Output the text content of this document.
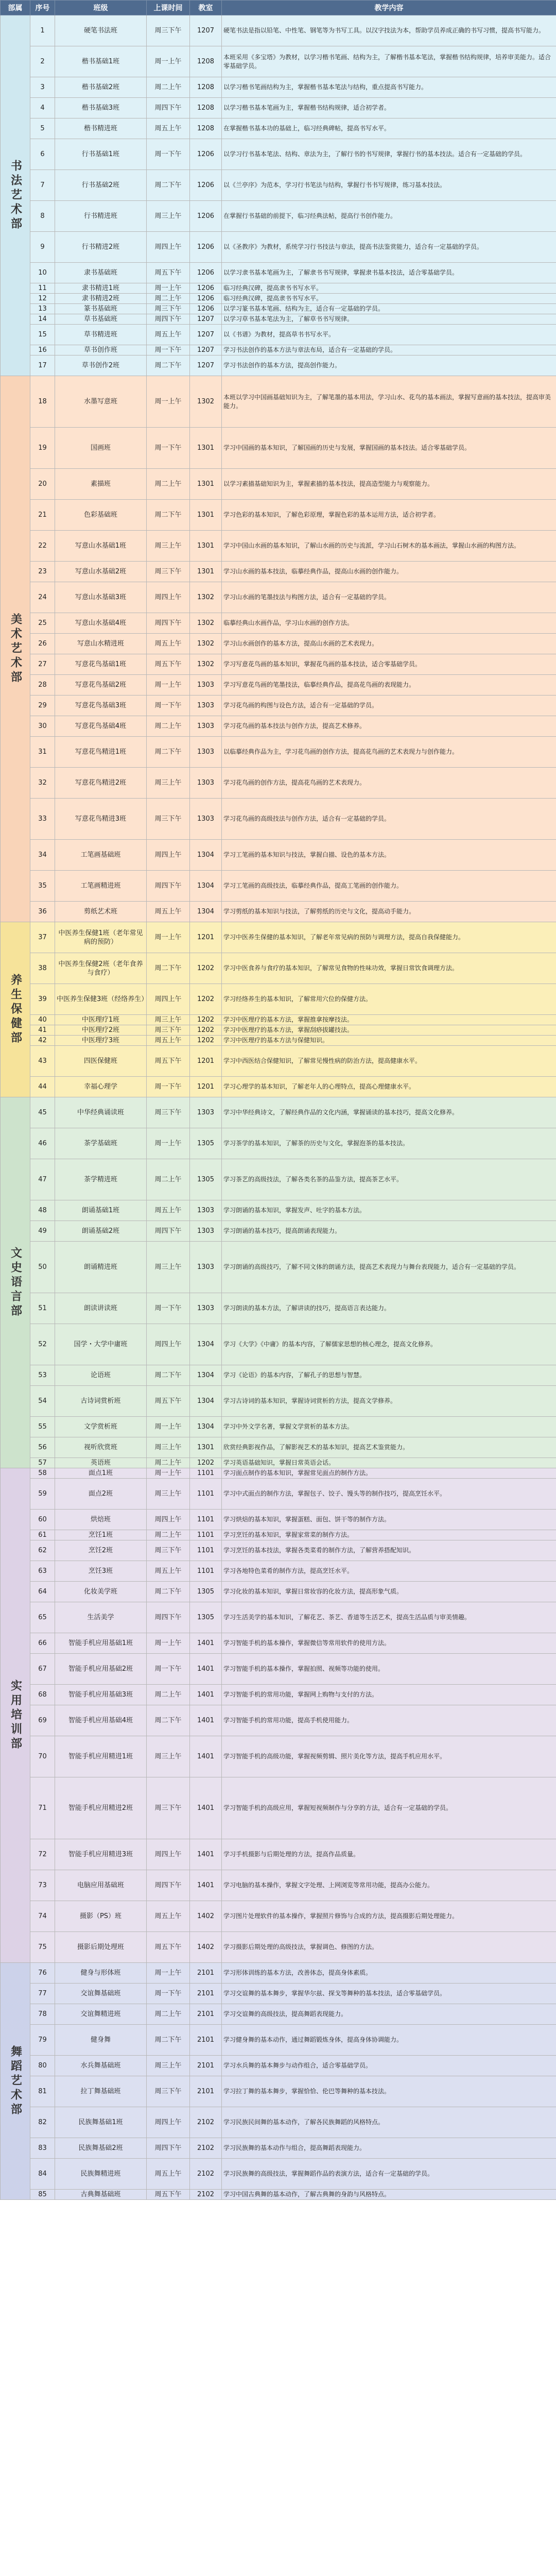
部属	序号	班级	上课时间	教室	教学内容

书法艺术部	1	硬笔书法班	周三下午	1207	硬笔书法是指以铅笔、中性笔、钢笔等为书写工具。以汉字技法为本，帮助学员养成正确的书写习惯，提高书写能力。
	2	楷书基础1班	周一上午	1208	本班采用《多宝塔》为教材，以学习楷书笔画、结构为主，了解楷书基本笔法，掌握楷书结构规律，培养审美能力。适合零基础学员。
	3	楷书基础2班	周二上午	1208	以学习楷书笔画结构为主，掌握楷书基本笔法与结构，重点提高书写能力。
	4	楷书基础3班	周四下午	1208	以学习楷书基本笔画为主，掌握楷书结构规律，适合初学者。
	5	楷书精进班	周五上午	1208	在掌握楷书基本功的基础上，临习经典碑帖，提高书写水平。
	6	行书基础1班	周一下午	1206	以学习行书基本笔法、结构、章法为主，了解行书的书写规律，掌握行书的基本技法。适合有一定基础的学员。
	7	行书基础2班	周二下午	1206	以《兰亭序》为范本，学习行书笔法与结构，掌握行书书写规律，练习基本技法。
	8	行书精进班	周三上午	1206	在掌握行书基础的前提下，临习经典法帖，提高行书创作能力。
	9	行书精进2班	周四上午	1206	以《圣教序》为教材，系统学习行书技法与章法，提高书法鉴赏能力，适合有一定基础的学员。
	10	隶书基础班	周五下午	1206	以学习隶书基本笔画为主，了解隶书书写规律，掌握隶书基本技法，适合零基础学员。
	11	隶书精进1班	周一上午	1206	临习经典汉碑，提高隶书书写水平。
	12	隶书精进2班	周二上午	1206	临习经典汉碑，提高隶书书写水平。
	13	篆书基础班	周三下午	1206	以学习篆书基本笔画、结构为主，适合有一定基础的学员。
	14	草书基础班	周四下午	1207	以学习草书基本笔法为主，了解草书书写规律。
	15	草书精进班	周五上午	1207	以《书谱》为教材，提高草书书写水平。
	16	草书创作班	周一下午	1207	学习书法创作的基本方法与章法布局，适合有一定基础的学员。
	17	草书创作2班	周二下午	1207	学习书法创作的基本方法，提高创作能力。

美术艺术部	18	水墨写意班	周一上午	1302	本班以学习中国画基础知识为主，了解笔墨的基本用法，学习山水、花鸟的基本画法，掌握写意画的基本技法，提高审美能力。
	19	国画班	周一下午	1301	学习中国画的基本知识，了解国画的历史与发展，掌握国画的基本技法。适合零基础学员。
	20	素描班	周二上午	1301	以学习素描基础知识为主，掌握素描的基本技法，提高造型能力与观察能力。
	21	色彩基础班	周二下午	1301	学习色彩的基本知识，了解色彩原理，掌握色彩的基本运用方法，适合初学者。
	22	写意山水基础1班	周三上午	1301	学习中国山水画的基本知识，了解山水画的历史与流派，学习山石树木的基本画法，掌握山水画的构图方法。
	23	写意山水基础2班	周三下午	1301	学习山水画的基本技法，临摹经典作品，提高山水画的创作能力。
	24	写意山水基础3班	周四上午	1302	学习山水画的笔墨技法与构图方法，适合有一定基础的学员。
	25	写意山水基础4班	周四下午	1302	临摹经典山水画作品，学习山水画的创作方法。
	26	写意山水精进班	周五上午	1302	学习山水画创作的基本方法，提高山水画的艺术表现力。
	27	写意花鸟基础1班	周五下午	1302	学习写意花鸟画的基本知识，掌握花鸟画的基本技法，适合零基础学员。
	28	写意花鸟基础2班	周一上午	1303	学习写意花鸟画的笔墨技法，临摹经典作品，提高花鸟画的表现能力。
	29	写意花鸟基础3班	周一下午	1303	学习花鸟画的构图与设色方法，适合有一定基础的学员。
	30	写意花鸟基础4班	周二上午	1303	学习花鸟画的基本技法与创作方法，提高艺术修养。
	31	写意花鸟精进1班	周二下午	1303	以临摹经典作品为主，学习花鸟画的创作方法，提高花鸟画的艺术表现力与创作能力。
	32	写意花鸟精进2班	周三上午	1303	学习花鸟画的创作方法，提高花鸟画的艺术表现力。
	33	写意花鸟精进3班	周三下午	1303	学习花鸟画的高级技法与创作方法，适合有一定基础的学员。
	34	工笔画基础班	周四上午	1304	学习工笔画的基本知识与技法，掌握白描、设色的基本方法。
	35	工笔画精进班	周四下午	1304	学习工笔画的高级技法，临摹经典作品，提高工笔画的创作能力。
	36	剪纸艺术班	周五上午	1304	学习剪纸的基本知识与技法，了解剪纸的历史与文化，提高动手能力。

养生保健部	37	中医养生保健1班（老年常见病的预防）	周一上午	1201	学习中医养生保健的基本知识，了解老年常见病的预防与调理方法，提高自我保健能力。
	38	中医养生保健2班（老年食养与食疗）	周二下午	1202	学习中医食养与食疗的基本知识，了解常见食物的性味功效，掌握日常饮食调理方法。
	39	中医养生保健3班（经络养生）	周四上午	1202	学习经络养生的基本知识，了解常用穴位的保健方法。
	40	中医理疗1班	周三上午	1202	学习中医理疗的基本方法，掌握推拿按摩技法。
	41	中医理疗2班	周三下午	1202	学习中医理疗的基本方法，掌握刮痧拔罐技法。
	42	中医理疗3班	周五上午	1202	学习中医理疗的基本方法与保健知识。
	43	四医保健班	周五下午	1201	学习中西医结合保健知识，了解常见慢性病的防治方法，提高健康水平。
	44	幸福心理学	周一下午	1201	学习心理学的基本知识，了解老年人的心理特点，提高心理健康水平。

文史语言部	45	中华经典诵读班	周三下午	1303	学习中华经典诗文，了解经典作品的文化内涵，掌握诵读的基本技巧，提高文化修养。
	46	茶学基础班	周一上午	1305	学习茶学的基本知识，了解茶的历史与文化，掌握泡茶的基本技法。
	47	茶学精进班	周二上午	1305	学习茶艺的高级技法，了解各类名茶的品鉴方法，提高茶艺水平。
	48	朗诵基础1班	周五上午	1303	学习朗诵的基本知识，掌握发声、吐字的基本方法。
	49	朗诵基础2班	周四下午	1303	学习朗诵的基本技巧，提高朗诵表现能力。
	50	朗诵精进班	周三上午	1303	学习朗诵的高级技巧，了解不同文体的朗诵方法，提高艺术表现力与舞台表现能力，适合有一定基础的学员。
	51	朗读讲读班	周一下午	1303	学习朗读的基本方法，了解讲读的技巧，提高语言表达能力。
	52	国学・大学中庸班	周四上午	1304	学习《大学》《中庸》的基本内容，了解儒家思想的核心理念，提高文化修养。
	53	论语班	周二下午	1304	学习《论语》的基本内容，了解孔子的思想与智慧。
	54	古诗词赏析班	周五下午	1304	学习古诗词的基本知识，掌握诗词赏析的方法，提高文学修养。
	55	文学赏析班	周一上午	1304	学习中外文学名著，掌握文学赏析的基本方法。
	56	视听欣赏班	周三上午	1301	欣赏经典影视作品，了解影视艺术的基本知识，提高艺术鉴赏能力。
	57	英语班	周二上午	1202	学习英语基础知识，掌握日常英语会话。

实用培训部	58	面点1班	周一上午	1101	学习面点制作的基本知识，掌握常见面点的制作方法。
	59	面点2班	周三上午	1101	学习中式面点的制作方法，掌握包子、饺子、馒头等的制作技巧，提高烹饪水平。
	60	烘焙班	周四上午	1101	学习烘焙的基本知识，掌握蛋糕、面包、饼干等的制作方法。
	61	烹饪1班	周二上午	1101	学习烹饪的基本知识，掌握家常菜的制作方法。
	62	烹饪2班	周三下午	1101	学习烹饪的基本技法，掌握各类菜肴的制作方法，了解营养搭配知识。
	63	烹饪3班	周五上午	1101	学习各地特色菜肴的制作方法，提高烹饪水平。
	64	化妆美学班	周二下午	1305	学习化妆的基本知识，掌握日常妆容的化妆方法，提高形象气质。
	65	生活美学	周四下午	1305	学习生活美学的基本知识，了解花艺、茶艺、香道等生活艺术，提高生活品质与审美情趣。
	66	智能手机应用基础1班	周一上午	1401	学习智能手机的基本操作，掌握微信等常用软件的使用方法。
	67	智能手机应用基础2班	周一下午	1401	学习智能手机的基本操作，掌握拍照、视频等功能的使用。
	68	智能手机应用基础3班	周二上午	1401	学习智能手机的常用功能，掌握网上购物与支付的方法。
	69	智能手机应用基础4班	周二下午	1401	学习智能手机的常用功能，提高手机使用能力。
	70	智能手机应用精进1班	周三上午	1401	学习智能手机的高级功能，掌握视频剪辑、照片美化等方法，提高手机应用水平。
	71	智能手机应用精进2班	周三下午	1401	学习智能手机的高级应用，掌握短视频制作与分享的方法，适合有一定基础的学员。
	72	智能手机应用精进3班	周四上午	1401	学习手机摄影与后期处理的方法，提高作品质量。
	73	电脑应用基础班	周四下午	1401	学习电脑的基本操作，掌握文字处理、上网浏览等常用功能，提高办公能力。
	74	摄影（PS）班	周五上午	1402	学习图片处理软件的基本操作，掌握照片修饰与合成的方法，提高摄影后期处理能力。
	75	摄影后期处理班	周五下午	1402	学习摄影后期处理的高级技法，掌握调色、修图的方法。

舞蹈艺术部	76	健身与形体班	周一上午	2101	学习形体训练的基本方法，改善体态，提高身体素质。
	77	交谊舞基础班	周一下午	2101	学习交谊舞的基本舞步，掌握华尔兹、探戈等舞种的基本技法，适合零基础学员。
	78	交谊舞精进班	周二上午	2101	学习交谊舞的高级技法，提高舞蹈表现能力。
	79	健身舞	周二下午	2101	学习健身舞的基本动作，通过舞蹈锻炼身体，提高身体协调能力。
	80	水兵舞基础班	周三上午	2101	学习水兵舞的基本舞步与动作组合，适合零基础学员。
	81	拉丁舞基础班	周三下午	2101	学习拉丁舞的基本舞步，掌握恰恰、伦巴等舞种的基本技法。
	82	民族舞基础1班	周四上午	2102	学习民族民间舞的基本动作，了解各民族舞蹈的风格特点。
	83	民族舞基础2班	周四下午	2102	学习民族舞的基本动作与组合，提高舞蹈表现能力。
	84	民族舞精进班	周五上午	2102	学习民族舞的高级技法，掌握舞蹈作品的表演方法，适合有一定基础的学员。
	85	古典舞基础班	周五下午	2102	学习中国古典舞的基本动作，了解古典舞的身韵与风格特点。
